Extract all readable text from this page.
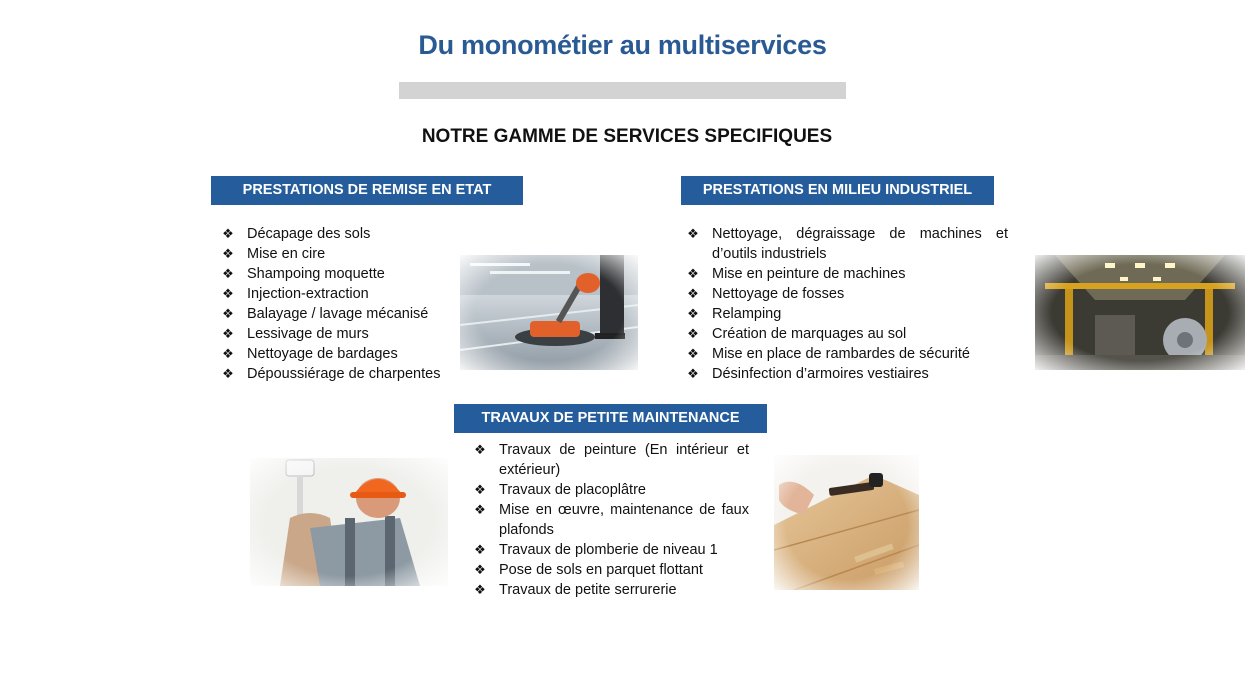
Du monométier au multiservices
NOTRE GAMME DE SERVICES SPECIFIQUES
PRESTATIONS DE REMISE EN ETAT
❖ Décapage des sols
❖ Mise en cire
❖ Shampoing moquette
❖ Injection-extraction
❖ Balayage / lavage mécanisé
❖ Lessivage de murs
❖ Nettoyage de bardages
❖ Dépoussiérage de charpentes
PRESTATIONS EN MILIEU INDUSTRIEL
❖ Nettoyage, dégraissage de machines et d’outils industriels
❖ Mise en peinture de machines
❖ Nettoyage de fosses
❖ Relamping
❖ Création de marquages au sol
❖ Mise en place de rambardes de sécurité
❖ Désinfection d’armoires vestiaires
TRAVAUX DE PETITE MAINTENANCE
❖ Travaux de peinture (En intérieur et extérieur)
❖ Travaux de placoplâtre
❖ Mise en œuvre, maintenance de faux plafonds
❖ Travaux de plomberie de niveau 1
❖ Pose de sols en parquet flottant
❖ Travaux de petite serrurerie
